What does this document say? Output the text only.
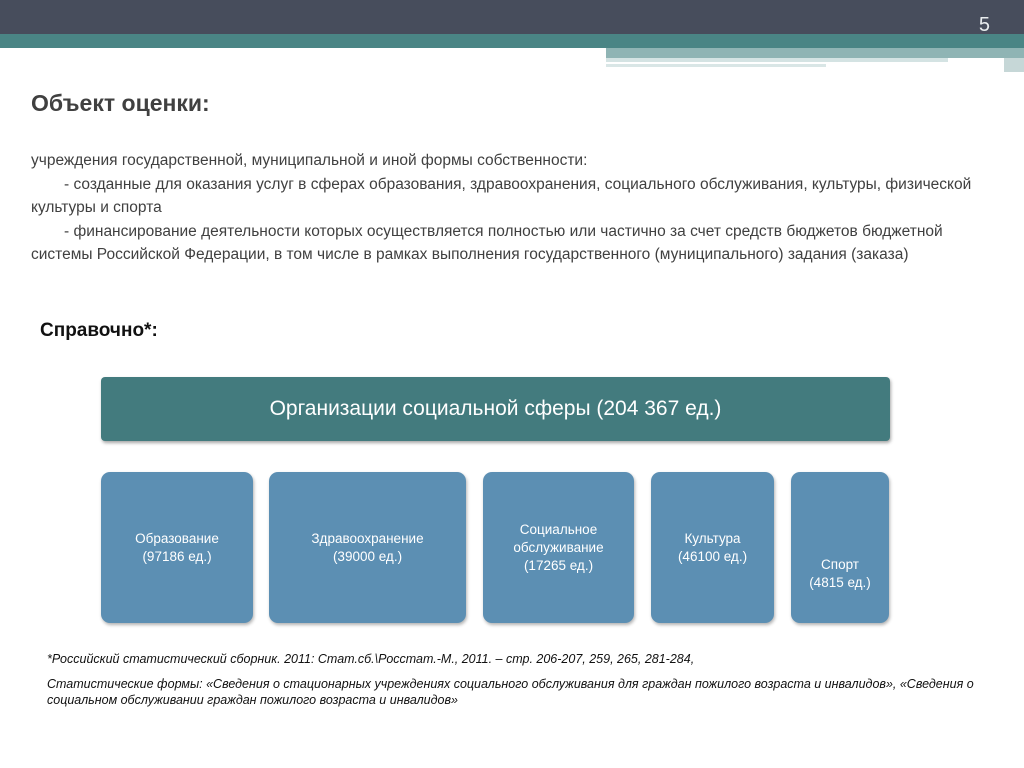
5
Объект оценки:

учреждения государственной, муниципальной и иной формы собственности:

- созданные для оказания услуг в сферах образования, здравоохранения, социального обслуживания, культуры, физической культуры и спорта

- финансирование деятельности которых осуществляется полностью или частично за счет средств бюджетов бюджетной системы Российской Федерации, в том числе в рамках выполнения государственного (муниципального) задания (заказа)

Справочно*:
Организации социальной сферы (204 367 ед.)
Образование
(97186 ед.)
Здравоохранение
(39000 ед.)
Социальное
обслуживание
(17265 ед.)
Культура
(46100 ед.)
Спорт
(4815 ед.)
*Российский статистический сборник. 2011: Стат.сб.\Росстат.-М., 2011. – стр. 206-207, 259, 265, 281-284,
Статистические формы: «Сведения о стационарных учреждениях социального обслуживания для граждан пожилого возраста и инвалидов», «Сведения о социальном обслуживании граждан пожилого возраста и инвалидов»
